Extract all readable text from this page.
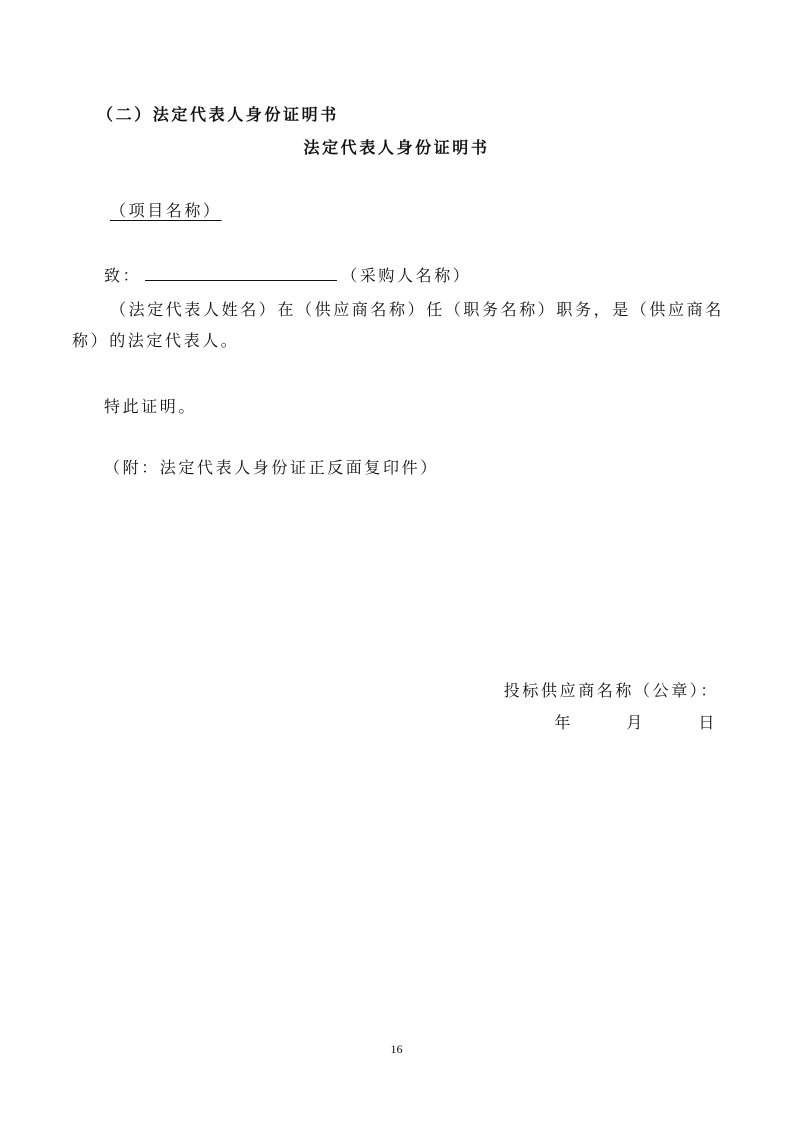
（二）法定代表人身份证明书
法定代表人身份证明书
（项目名称）
致：	（采购人名称）
（法定代表人姓名）在（供应商名称）任（职务名称）职务，是（供应商名
称）的法定代表人。
特此证明。
（附：法定代表人身份证正反面复印件）
投标供应商名称（公章）：
年	月	日
16
